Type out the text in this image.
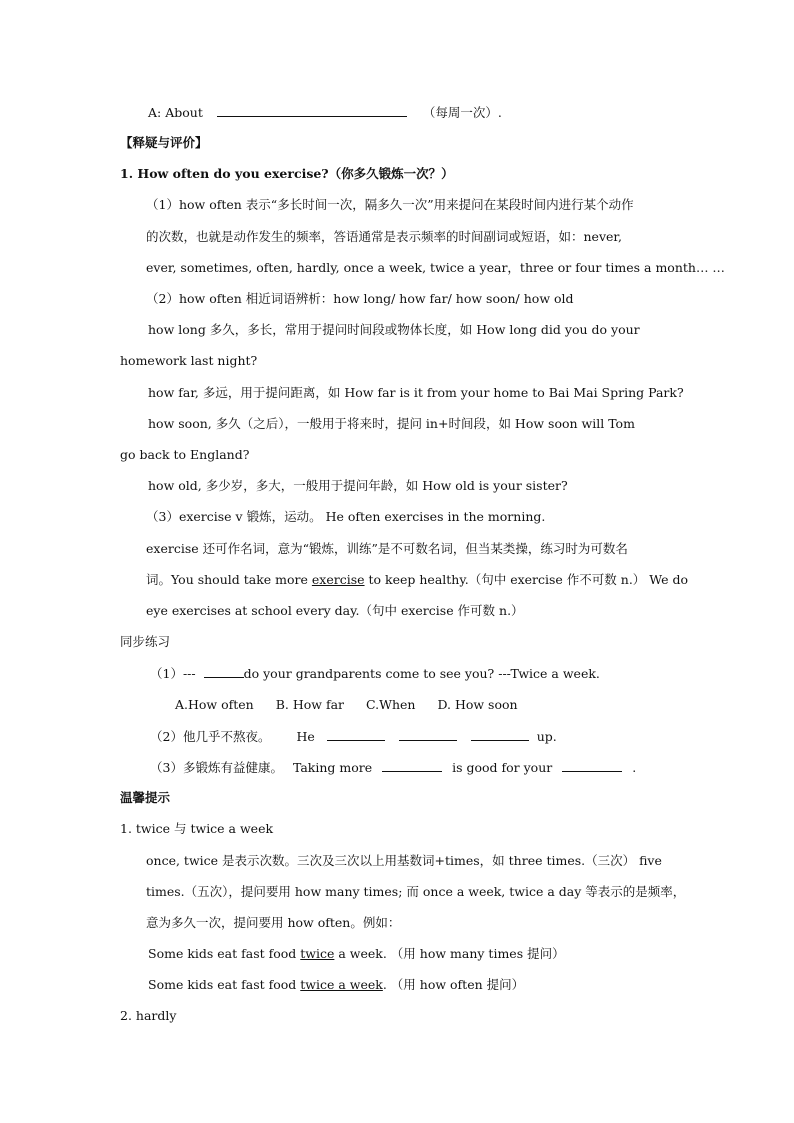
A: About	（每周一次）.
【释疑与评价】
1. How often do you exercise?（你多久锻炼一次？）
（1）how often 表示“多长时间一次，隔多久一次”用来提问在某段时间内进行某个动作
的次数，也就是动作发生的频率，答语通常是表示频率的时间副词或短语，如：never,
ever, sometimes, often, hardly, once a week, twice a year，three or four times a month… …
（2）how often 相近词语辨析：how long/ how far/ how soon/ how old
how long 多久，多长，常用于提问时间段或物体长度，如 How long did you do your
homework last night?
how far, 多远，用于提问距离，如 How far is it from your home to Bai Mai Spring Park?
how soon, 多久（之后），一般用于将来时，提问 in+时间段，如 How soon will Tom
go back to England?
how old, 多少岁，多大，一般用于提问年龄，如 How old is your sister?
（3）exercise v 锻炼，运动。 He often exercises in the morning.
exercise 还可作名词，意为“锻炼，训练”是不可数名词，但当某类操，练习时为可数名
词。You should take more exercise to keep healthy.（句中 exercise 作不可数 n.） We do
eye exercises at school every day.（句中 exercise 作可数 n.）
同步练习
（1）---	do your grandparents come to see you? ---Twice a week.
A.How often B. How far C.When D. How soon
（2）他几乎不熬夜。 He	up.
（3）多锻炼有益健康。 Taking more	is good for your	.
温馨提示
1. twice 与 twice a week
once, twice 是表示次数。三次及三次以上用基数词+times，如 three times.（三次） five
times.（五次），提问要用 how many times; 而 once a week, twice a day 等表示的是频率，
意为多久一次，提问要用 how often。例如：
Some kids eat fast food twice a week. （用 how many times 提问）
Some kids eat fast food twice a week. （用 how often 提问）
2. hardly
